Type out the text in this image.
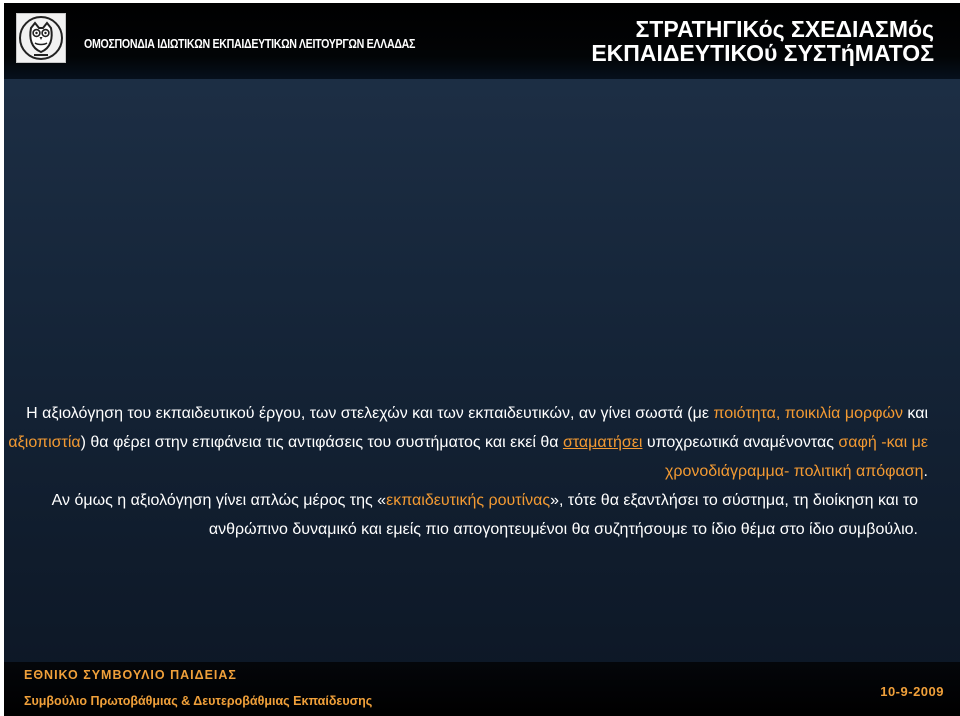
ΟΜΟΣΠΟΝΔΙΑ ΙΔΙΩΤΙΚΩΝ ΕΚΠΑΙΔΕΥΤΙΚΩΝ ΛΕΙΤΟΥΡΓΩΝ ΕΛΛΑΔΑΣ
ΣΤΡΑΤΗΓΙΚός ΣΧΕΔΙΑΣΜός
ΕΚΠΑΙΔΕΥΤΙΚΟύ ΣΥΣΤήΜΑΤΟΣ
Η αξιολόγηση του εκπαιδευτικού έργου, των στελεχών και των εκπαιδευτικών, αν γίνει σωστά (με ποιότητα, ποικιλία μορφών και αξιοπιστία) θα φέρει στην επιφάνεια τις αντιφάσεις του συστήματος και εκεί θα σταματήσει υποχρεωτικά αναμένοντας σαφή -και με χρονοδιάγραμμα- πολιτική απόφαση.
Αν όμως η αξιολόγηση γίνει απλώς μέρος της «εκπαιδευτικής ρουτίνας», τότε θα εξαντλήσει το σύστημα, τη διοίκηση και το ανθρώπινο δυναμικό και εμείς πιο απογοητευμένοι θα συζητήσουμε το ίδιο θέμα στο ίδιο συμβούλιο.
ΕΘΝΙΚΟ ΣΥΜΒΟΥΛΙΟ ΠΑΙΔΕΙΑΣ
Συμβούλιο Πρωτοβάθμιας & Δευτεροβάθμιας Εκπαίδευσης
10-9-2009
